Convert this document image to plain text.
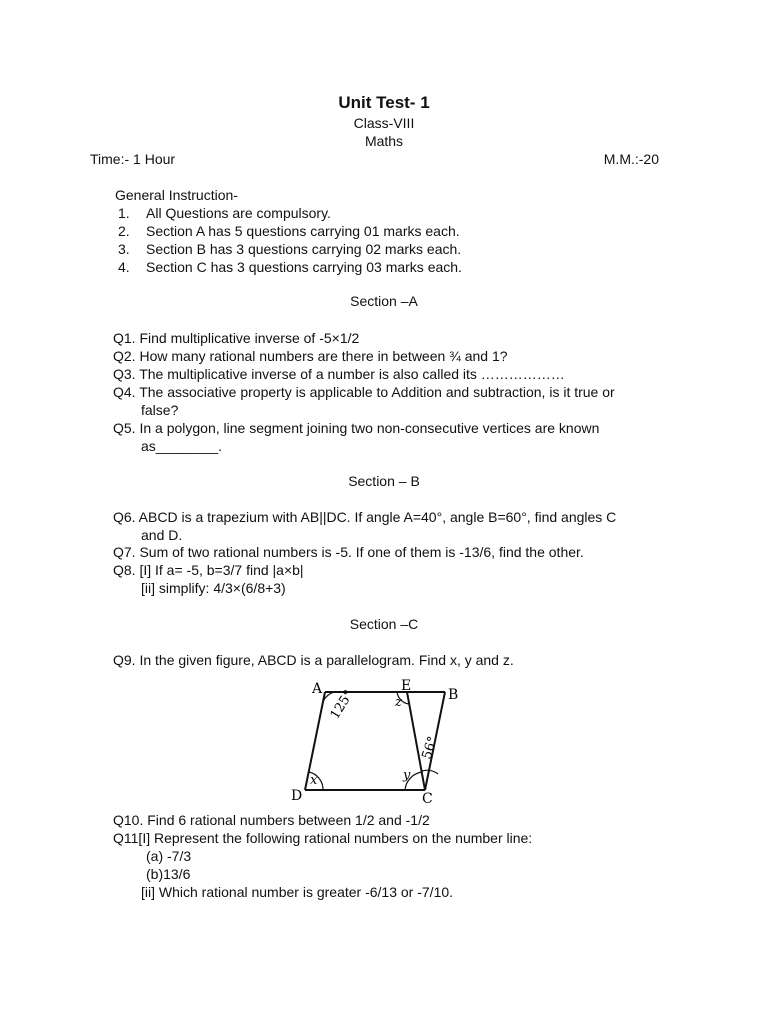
Unit Test- 1
Class-VIII
Maths
Time:- 1 Hour	M.M.:-20
General Instruction-
1. All Questions are compulsory.
2. Section A has 5 questions carrying 01 marks each.
3. Section B has 3 questions carrying 02 marks each.
4. Section C has 3 questions carrying 03 marks each.
Section –A
Q1. Find multiplicative inverse of -5×1/2
Q2. How many rational numbers are there in between ¾ and 1?
Q3. The multiplicative inverse of a number is also called its ………………
Q4. The associative property is applicable to Addition and subtraction, is it true or
false?
Q5. In a polygon, line segment joining two non-consecutive vertices are known
as________.
Section – B
Q6. ABCD is a trapezium with AB||DC. If angle A=40°, angle B=60°, find angles C
and D.
Q7. Sum of two rational numbers is -5. If one of them is -13/6, find the other.
Q8. [I] If a= -5, b=3/7 find |a×b|
[ii] simplify: 4/3×(6/8+3)
Section –C
Q9. In the given figure, ABCD is a parallelogram. Find x, y and z.
A	E
B
D	C
125°
56°
z
y
x
Q10. Find 6 rational numbers between 1/2 and -1/2
Q11[I] Represent the following rational numbers on the number line:
(a) -7/3
(b)13/6
[ii] Which rational number is greater -6/13 or -7/10.
